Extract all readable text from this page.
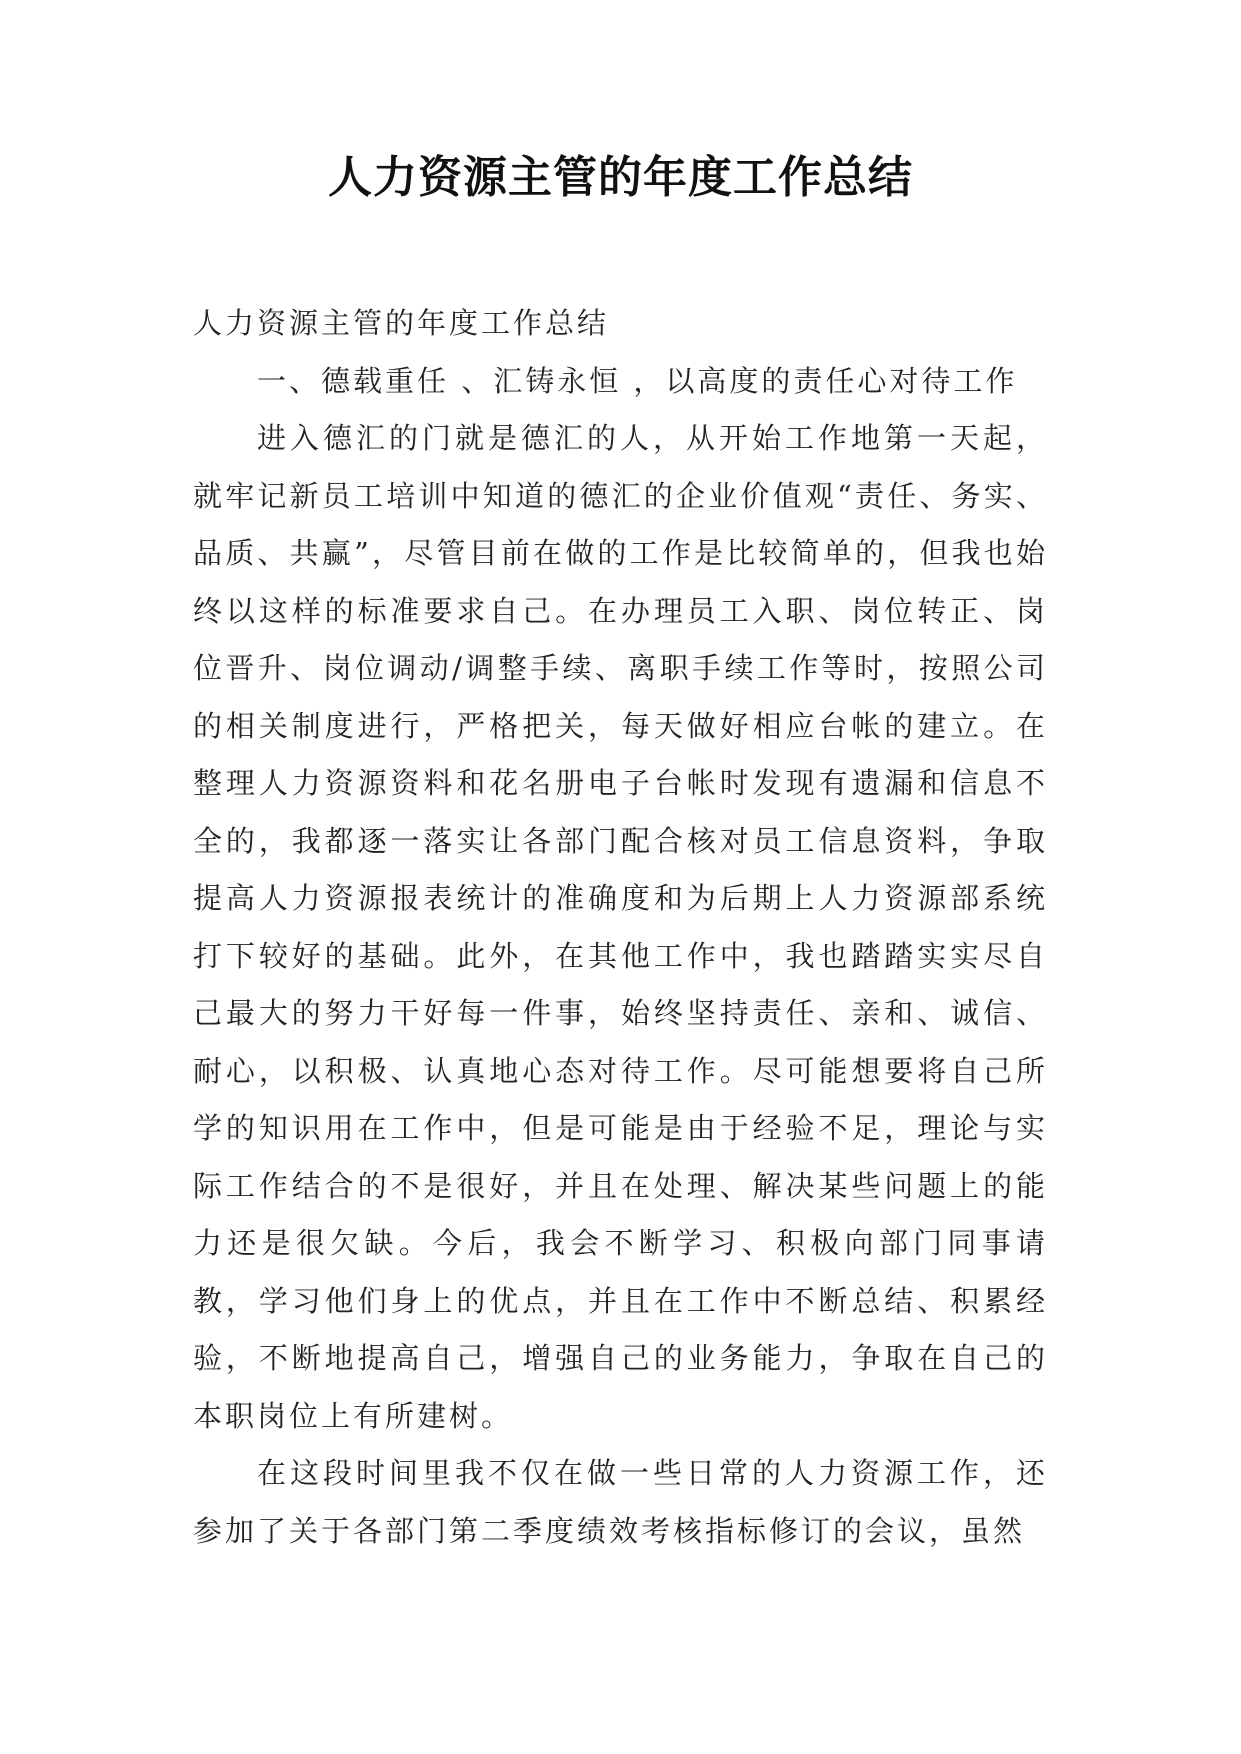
人力资源主管的年度工作总结

人力资源主管的年度工作总结

一、德载重任 、汇铸永恒 ，以高度的责任心对待工作

进入德汇的门就是德汇的人，从开始工作地第一天起，就牢记新员工培训中知道的德汇的企业价值观“责任、务实、品质、共赢”，尽管目前在做的工作是比较简单的，但我也始终以这样的标准要求自己。在办理员工入职、岗位转正、岗位晋升、岗位调动/调整手续、离职手续工作等时，按照公司的相关制度进行，严格把关，每天做好相应台帐的建立。在整理人力资源资料和花名册电子台帐时发现有遗漏和信息不全的，我都逐一落实让各部门配合核对员工信息资料，争取提高人力资源报表统计的准确度和为后期上人力资源部系统打下较好的基础。此外，在其他工作中，我也踏踏实实尽自己最大的努力干好每一件事，始终坚持责任、亲和、诚信、耐心，以积极、认真地心态对待工作。尽可能想要将自己所学的知识用在工作中，但是可能是由于经验不足，理论与实际工作结合的不是很好，并且在处理、解决某些问题上的能力还是很欠缺。今后，我会不断学习、积极向部门同事请教，学习他们身上的优点，并且在工作中不断总结、积累经验，不断地提高自己，增强自己的业务能力，争取在自己的本职岗位上有所建树。

在这段时间里我不仅在做一些日常的人力资源工作，还参加了关于各部门第二季度绩效考核指标修订的会议，虽然
